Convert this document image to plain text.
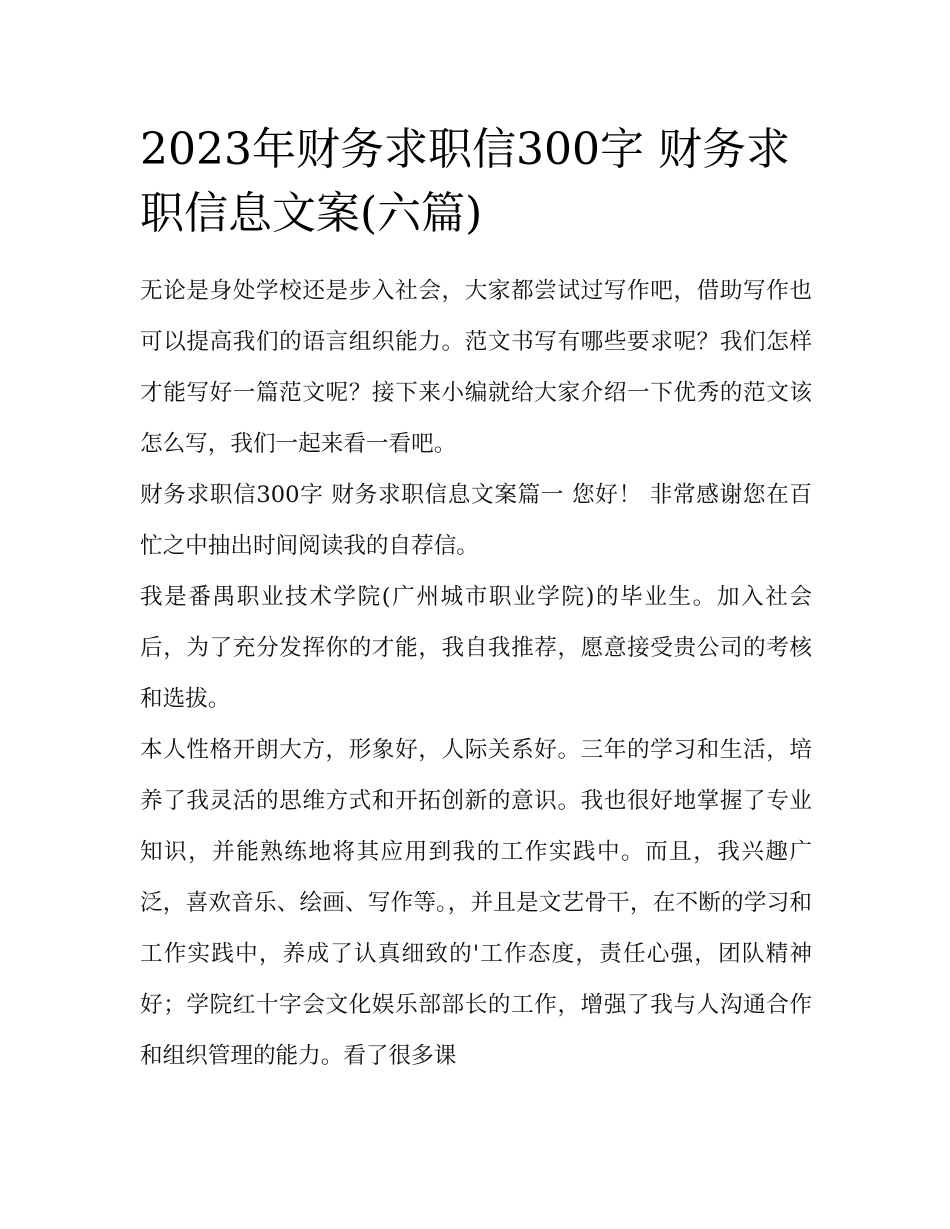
2023年财务求职信300字 财务求职信息文案(六篇)

无论是身处学校还是步入社会，大家都尝试过写作吧，借助写作也可以提高我们的语言组织能力。范文书写有哪些要求呢？我们怎样才能写好一篇范文呢？接下来小编就给大家介绍一下优秀的范文该怎么写，我们一起来看一看吧。

财务求职信300字 财务求职信息文案篇一 您好！ 非常感谢您在百忙之中抽出时间阅读我的自荐信。

我是番禺职业技术学院(广州城市职业学院)的毕业生。加入社会后，为了充分发挥你的才能，我自我推荐，愿意接受贵公司的考核和选拔。

本人性格开朗大方，形象好，人际关系好。三年的学习和生活，培养了我灵活的思维方式和开拓创新的意识。我也很好地掌握了专业知识，并能熟练地将其应用到我的工作实践中。而且，我兴趣广泛，喜欢音乐、绘画、写作等。，并且是文艺骨干，在不断的学习和工作实践中，养成了认真细致的'工作态度，责任心强，团队精神好；学院红十字会文化娱乐部部长的工作，增强了我与人沟通合作和组织管理的能力。看了很多课
